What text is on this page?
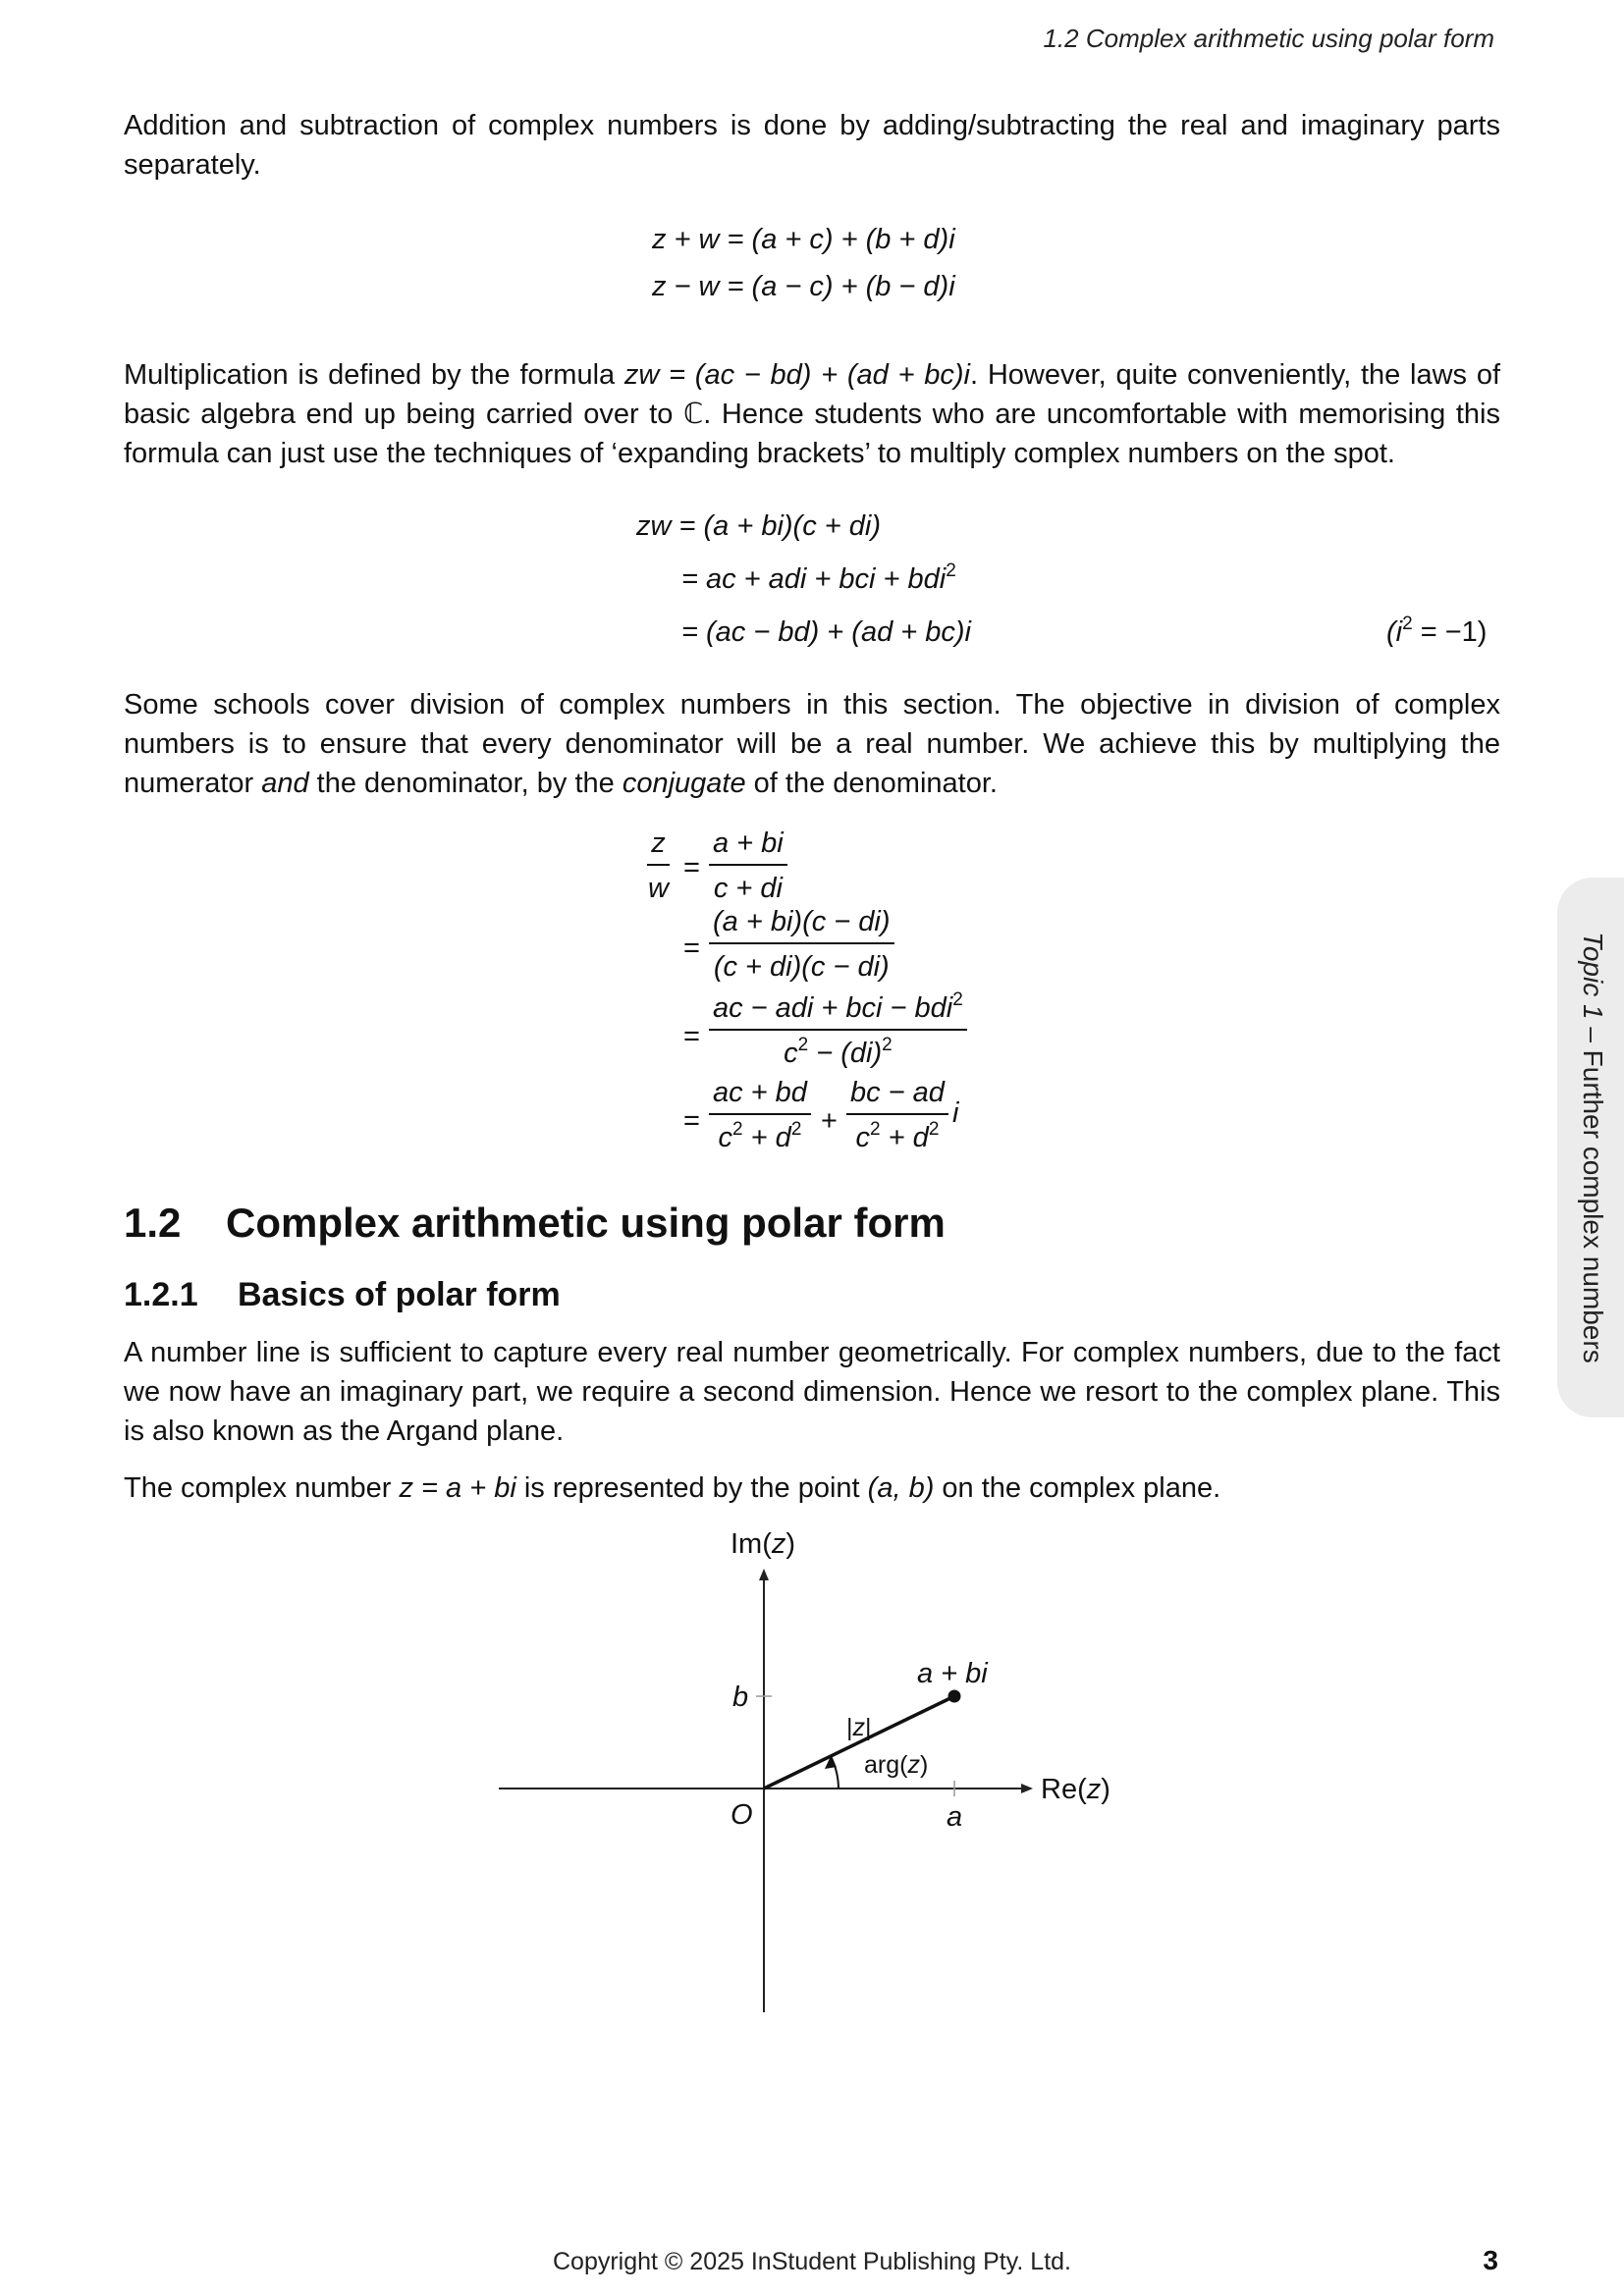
1.2 Complex arithmetic using polar form

Addition and subtraction of complex numbers is done by adding/subtracting the real and imaginary parts separately.

z + w = (a + c) + (b + d)i
z − w = (a − c) + (b − d)i

Multiplication is defined by the formula zw = (ac − bd) + (ad + bc)i. However, quite conveniently, the laws of basic algebra end up being carried over to ℂ. Hence students who are uncomfortable with memorising this formula can just use the techniques of ‘expanding brackets’ to multiply complex numbers on the spot.

zw = (a + bi)(c + di)
= ac + adi + bci + bdi$^2$
= (ac − bd) + (ad + bc)i	$(i^2 = -1)$

Some schools cover division of complex numbers in this section. The objective in division of complex numbers is to ensure that every denominator will be a real number. We achieve this by multiplying the numerator and the denominator, by the conjugate of the denominator.

$\frac{z}{w} = \frac{a + bi}{c + di}$
= $\frac{(a + bi)(c - di)}{(c + di)(c - di)}$
=
ac − adi + bci − bdi$^2$
$c^2 - (di)^2$
= $\frac{ac + bd}{c^2 + d^2} + \frac{bc - ad}{c^2 + d^2}$ i
1.2 Complex arithmetic using polar form
1.2.1 Basics of polar form

A number line is sufficient to capture every real number geometrically. For complex numbers, due to the fact we now have an imaginary part, we require a second dimension. Hence we resort to the complex plane. This is also known as the Argand plane.

The complex number z = a + bi is represented by the point (a, b) on the complex plane.

Im(z)
Re(z)
O
b
a
a + bi
|z|
arg(z)
Topic 1 – Further complex numbers
Copyright © 2025 InStudent Publishing Pty. Ltd.	3
